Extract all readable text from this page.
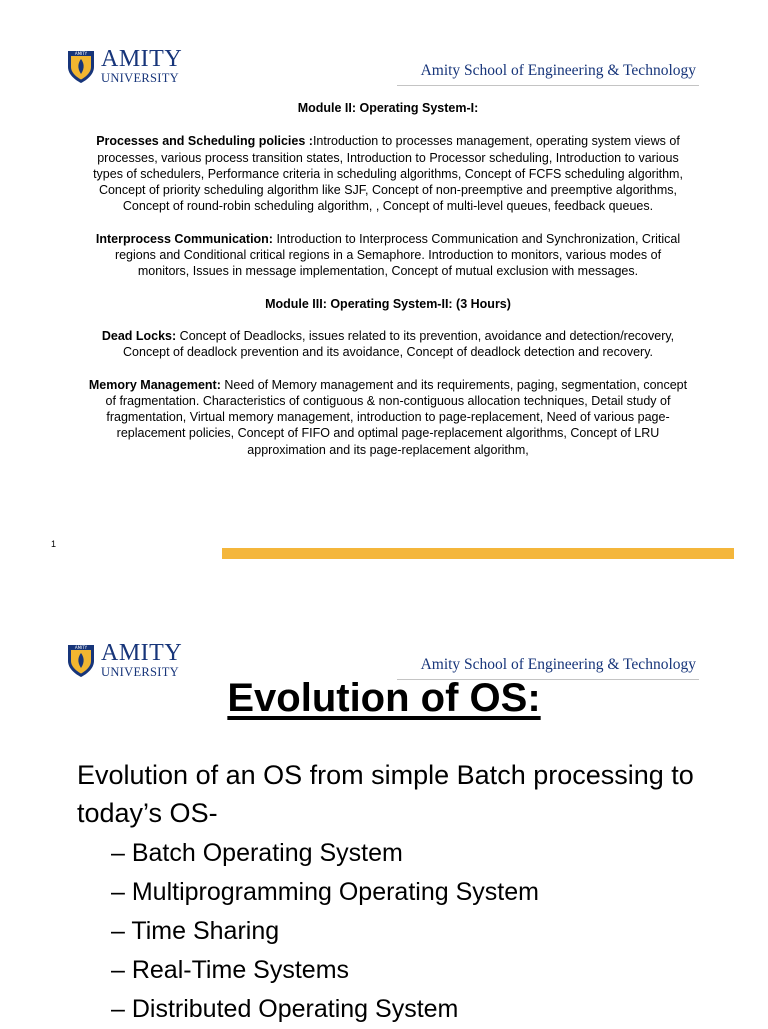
AMITY AMITY
UNIVERSITY	Amity School of Engineering & Technology

Module II: Operating System-I:

Processes and Scheduling policies :Introduction to processes management, operating system views of processes, various process transition states, Introduction to Processor scheduling, Introduction to various types of schedulers, Performance criteria in scheduling algorithms, Concept of FCFS scheduling algorithm, Concept of priority scheduling algorithm like SJF, Concept of non-preemptive and preemptive algorithms, Concept of round-robin scheduling algorithm, , Concept of multi-level queues, feedback queues.

Interprocess Communication: Introduction to Interprocess Communication and Synchronization, Critical regions and Conditional critical regions in a Semaphore. Introduction to monitors, various modes of monitors, Issues in message implementation, Concept of mutual exclusion with messages.

Module III: Operating System-II: (3 Hours)

Dead Locks: Concept of Deadlocks, issues related to its prevention, avoidance and detection/recovery, Concept of deadlock prevention and its avoidance, Concept of deadlock detection and recovery.

Memory Management: Need of Memory management and its requirements, paging, segmentation, concept of fragmentation. Characteristics of contiguous & non-contiguous allocation techniques, Detail study of fragmentation, Virtual memory management, introduction to page-replacement, Need of various page-replacement policies, Concept of FIFO and optimal page-replacement algorithms, Concept of LRU approximation and its page-replacement algorithm,

1
AMITY AMITY
UNIVERSITY	Amity School of Engineering & Technology
Evolution of OS:
Evolution of an OS from simple Batch processing to today’s OS-
– Batch Operating System
– Multiprogramming Operating System
– Time Sharing
– Real-Time Systems
– Distributed Operating System
